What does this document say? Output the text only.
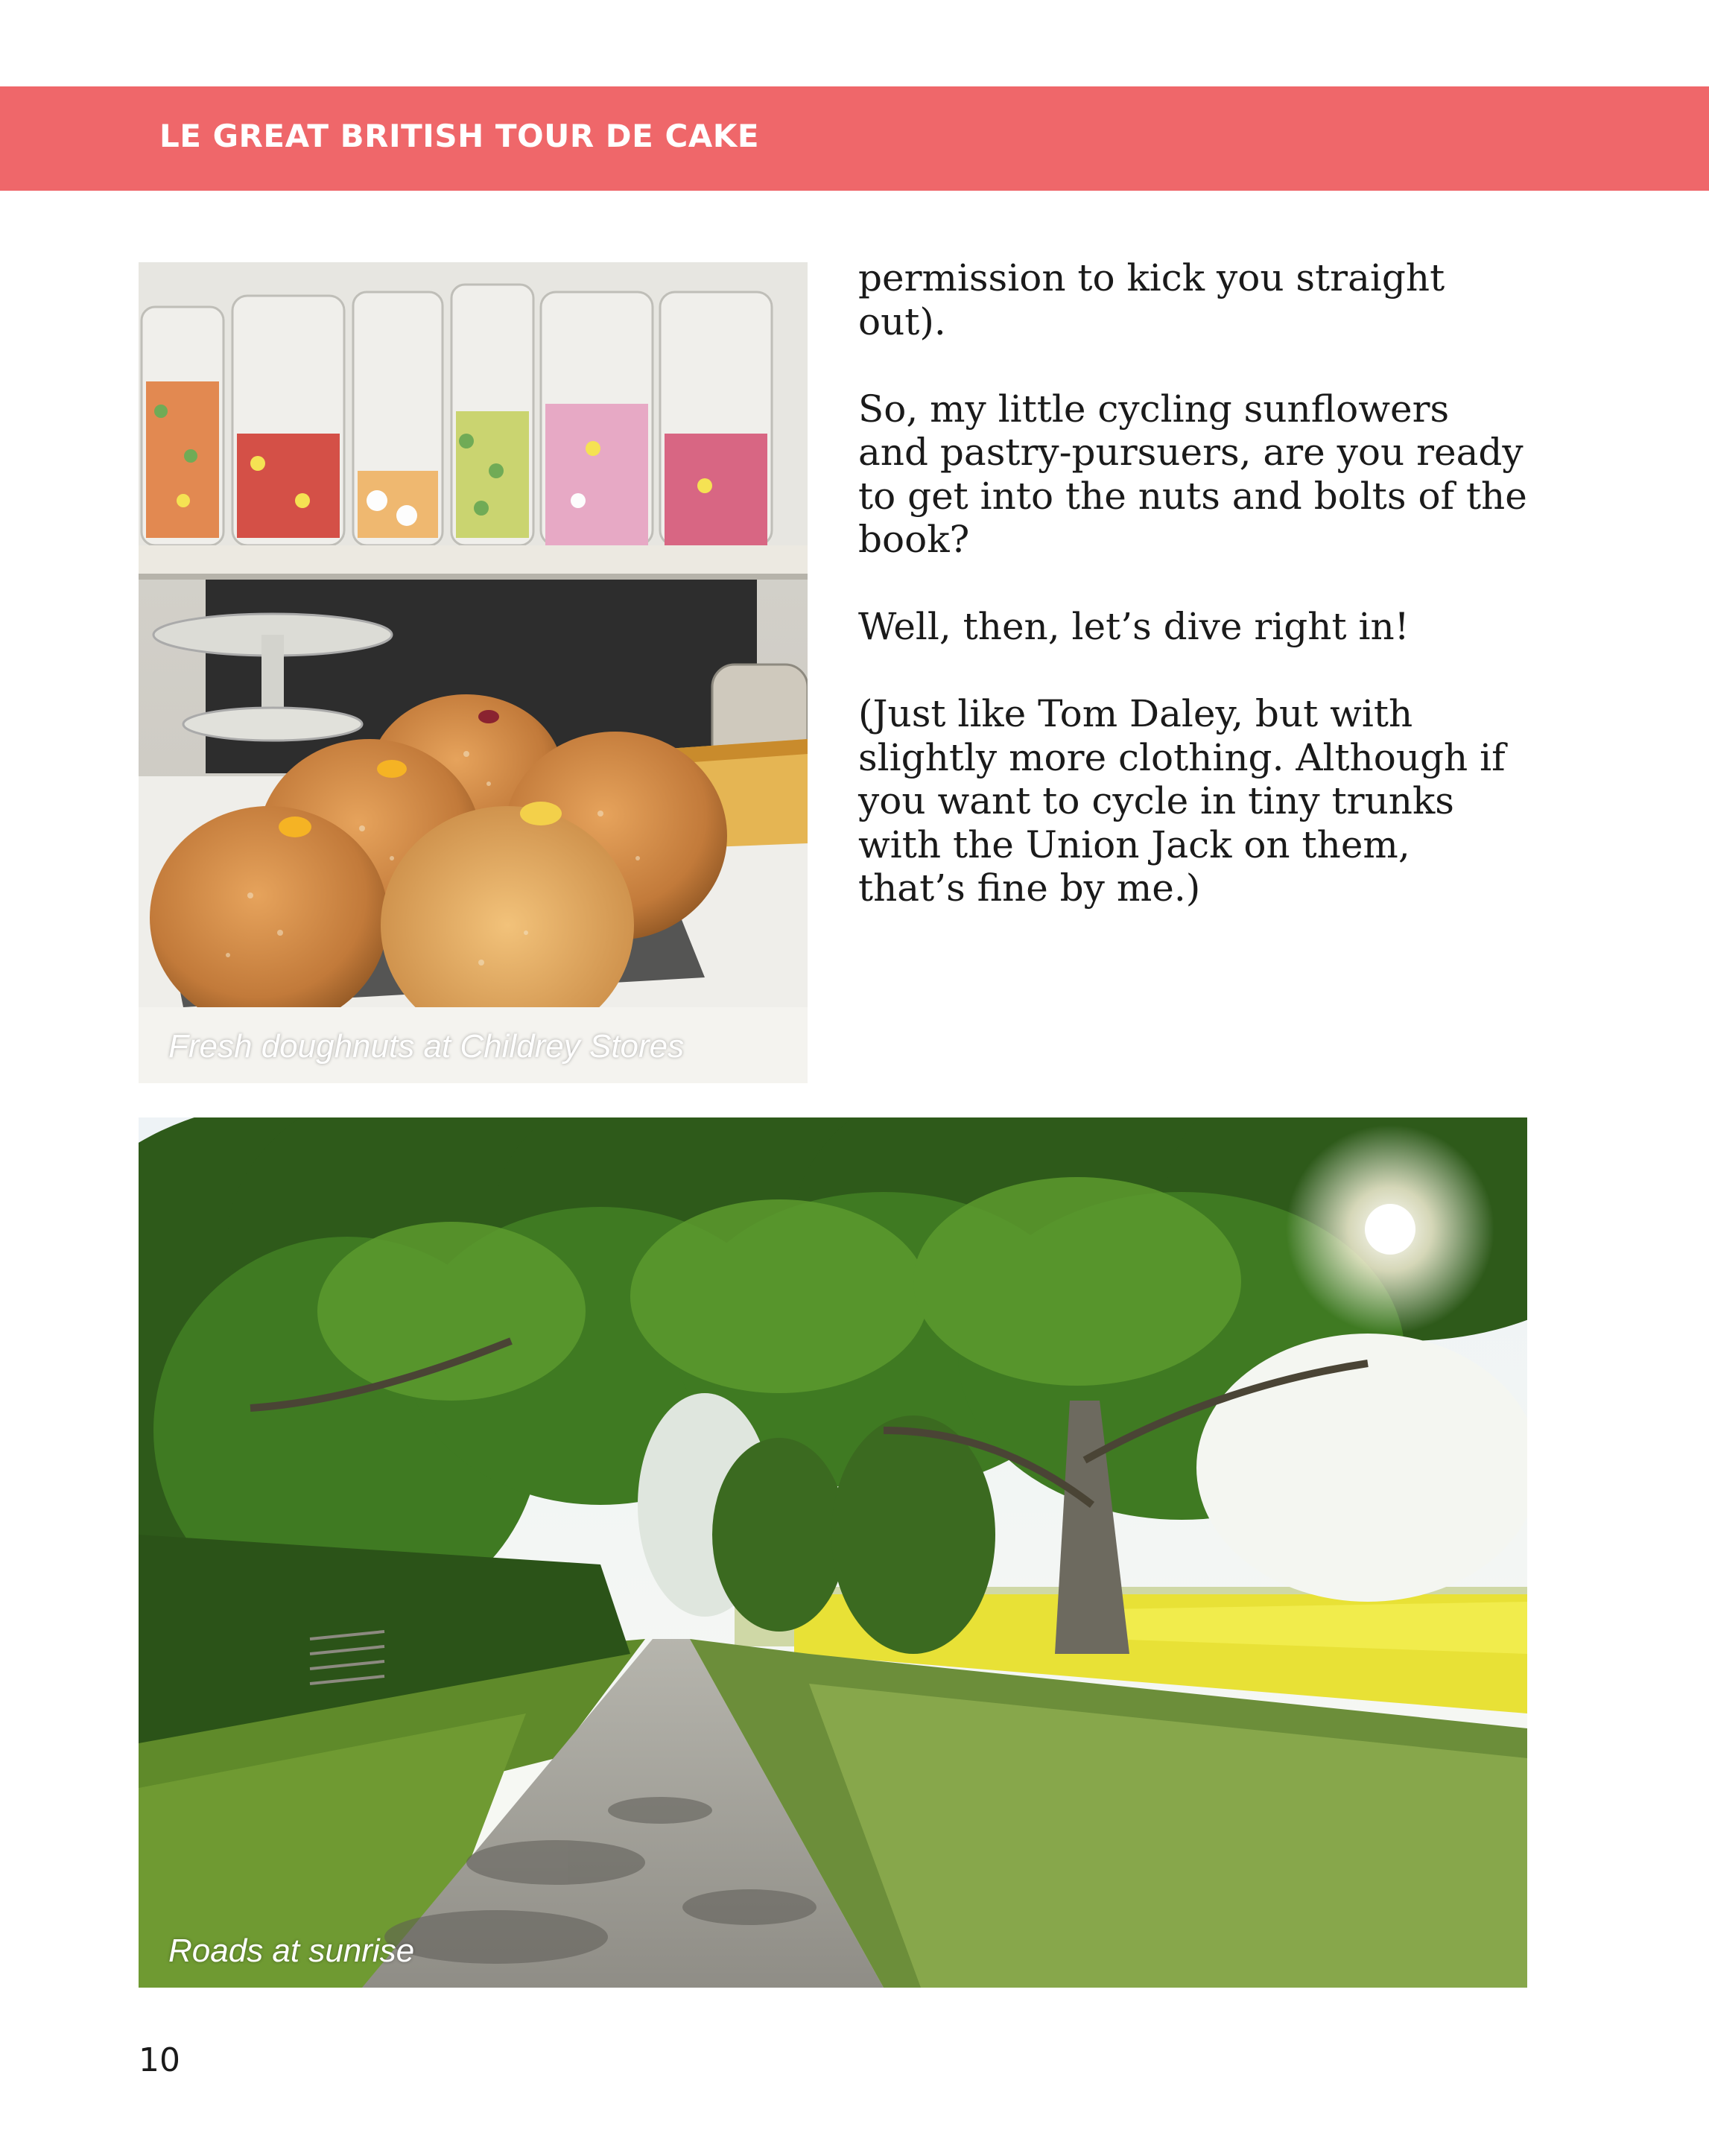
LE GREAT BRITISH TOUR DE CAKE
Fresh doughnuts at Childrey Stores

permission to kick you straight out).

So, my little cycling sunflowers and pastry-pursuers, are you ready to get into the nuts and bolts of the book?

Well, then, let’s dive right in!

(Just like Tom Daley, but with slightly more clothing. Although if you want to cycle in tiny trunks with the Union Jack on them, that’s fine by me.)

Roads at sunrise
10
